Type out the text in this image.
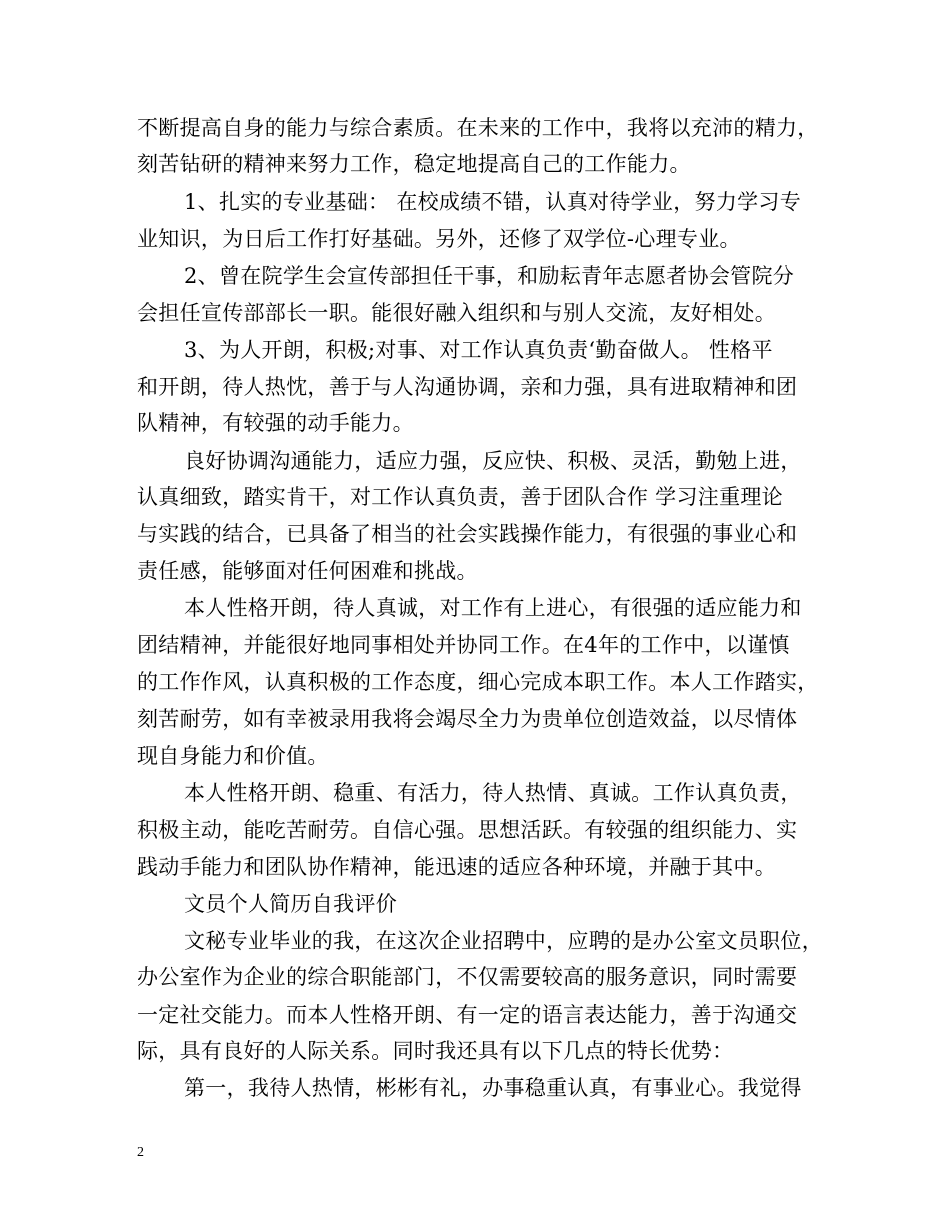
不断提高自身的能力与综合素质。在未来的工作中，我将以充沛的精力，
刻苦钻研的精神来努力工作，稳定地提高自己的工作能力。
1、扎实的专业基础： 在校成绩不错，认真对待学业，努力学习专
业知识，为日后工作打好基础。另外，还修了双学位-心理专业。
2、曾在院学生会宣传部担任干事，和励耘青年志愿者协会管院分
会担任宣传部部长一职。能很好融入组织和与别人交流，友好相处。
3、为人开朗，积极;对事、对工作认真负责‘勤奋做人。 性格平
和开朗，待人热忱，善于与人沟通协调，亲和力强，具有进取精神和团
队精神，有较强的动手能力。
良好协调沟通能力，适应力强，反应快、积极、灵活，勤勉上进，
认真细致，踏实肯干，对工作认真负责，善于团队合作 学习注重理论
与实践的结合，已具备了相当的社会实践操作能力，有很强的事业心和
责任感，能够面对任何困难和挑战。
本人性格开朗，待人真诚，对工作有上进心，有很强的适应能力和
团结精神，并能很好地同事相处并协同工作。在4年的工作中，以谨慎
的工作作风，认真积极的工作态度，细心完成本职工作。本人工作踏实，
刻苦耐劳，如有幸被录用我将会竭尽全力为贵单位创造效益，以尽情体
现自身能力和价值。
本人性格开朗、稳重、有活力，待人热情、真诚。工作认真负责，
积极主动，能吃苦耐劳。自信心强。思想活跃。有较强的组织能力、实
践动手能力和团队协作精神，能迅速的适应各种环境，并融于其中。
文员个人简历自我评价
文秘专业毕业的我，在这次企业招聘中，应聘的是办公室文员职位，
办公室作为企业的综合职能部门，不仅需要较高的服务意识，同时需要
一定社交能力。而本人性格开朗、有一定的语言表达能力，善于沟通交
际，具有良好的人际关系。同时我还具有以下几点的特长优势：
第一，我待人热情，彬彬有礼，办事稳重认真，有事业心。我觉得
2
